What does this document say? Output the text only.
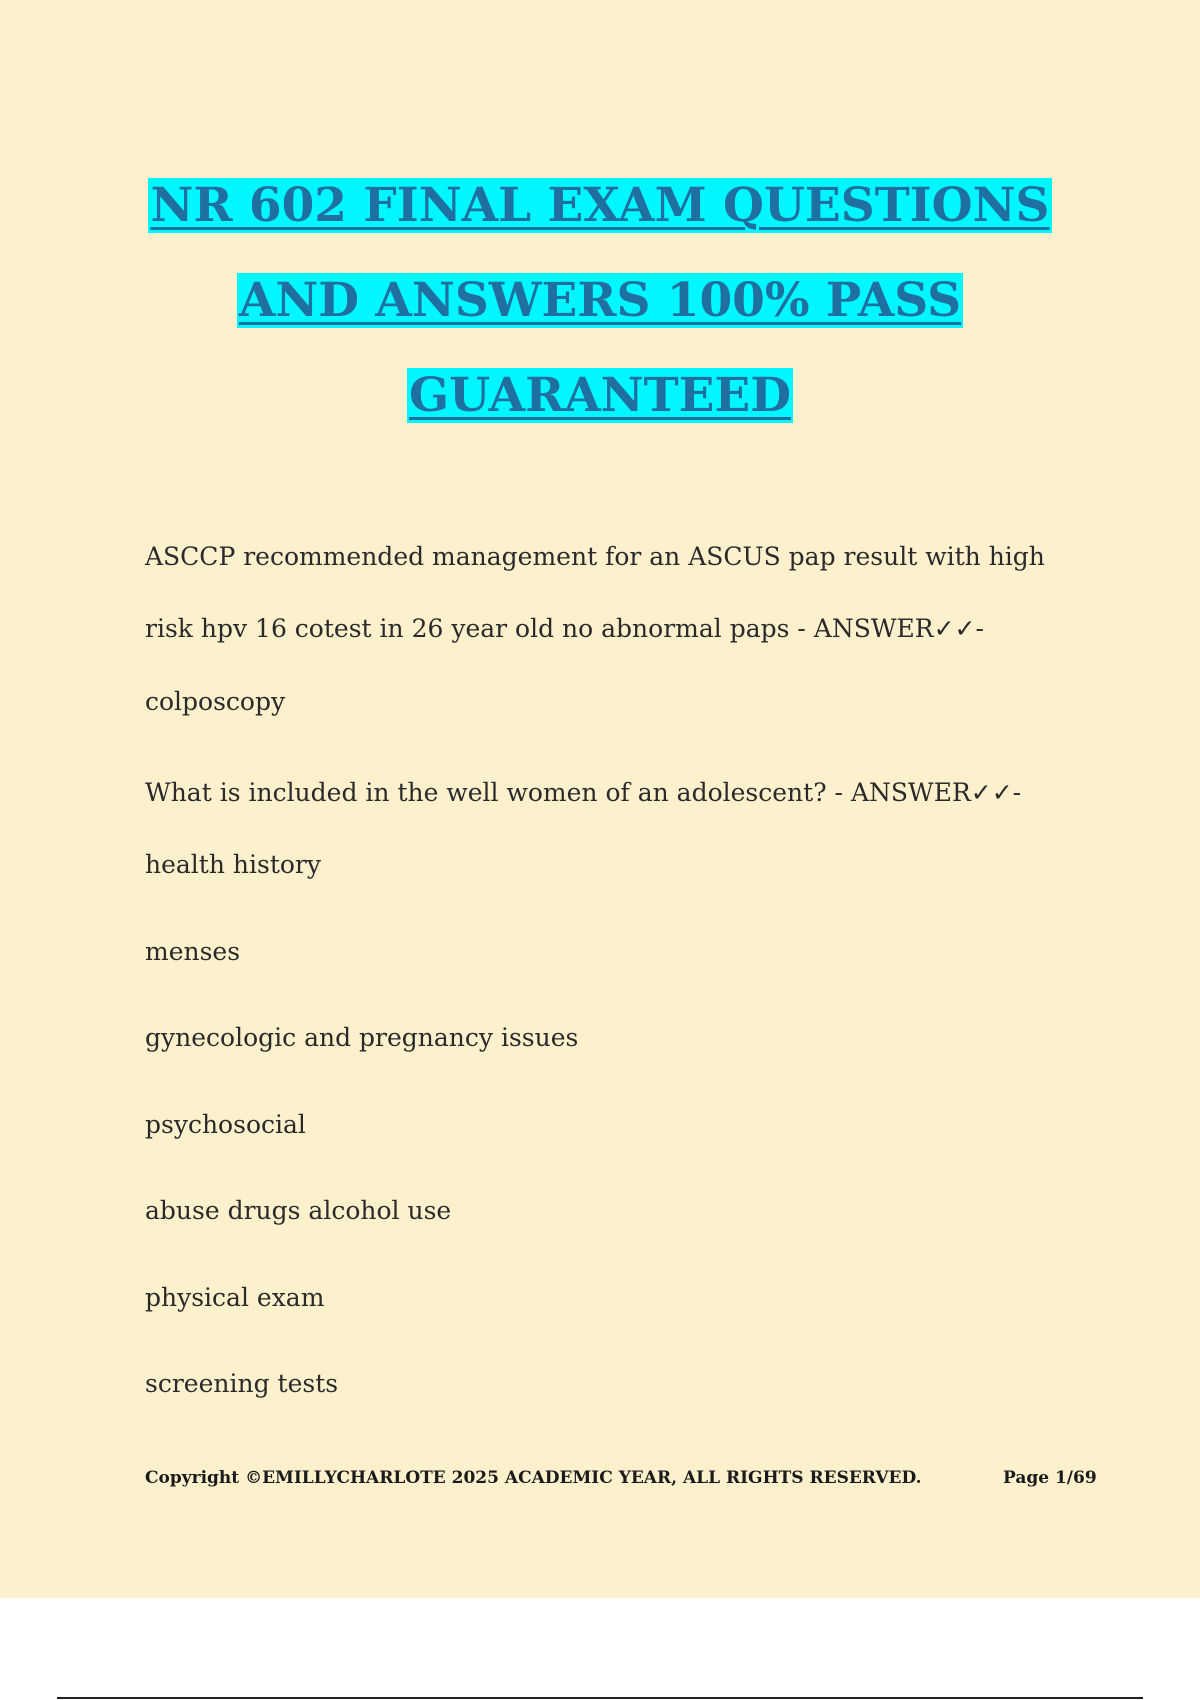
NR 602 FINAL EXAM QUESTIONS
AND ANSWERS 100% PASS
GUARANTEED
ASCCP recommended management for an ASCUS pap result with high
risk hpv 16 cotest in 26 year old no abnormal paps - ANSWER✓✓-
colposcopy
What is included in the well women of an adolescent? - ANSWER✓✓-
health history
menses
gynecologic and pregnancy issues
psychosocial
abuse drugs alcohol use
physical exam
screening tests
Copyright ©EMILLYCHARLOTE 2025 ACADEMIC YEAR, ALL RIGHTS RESERVED.	Page 1/69
